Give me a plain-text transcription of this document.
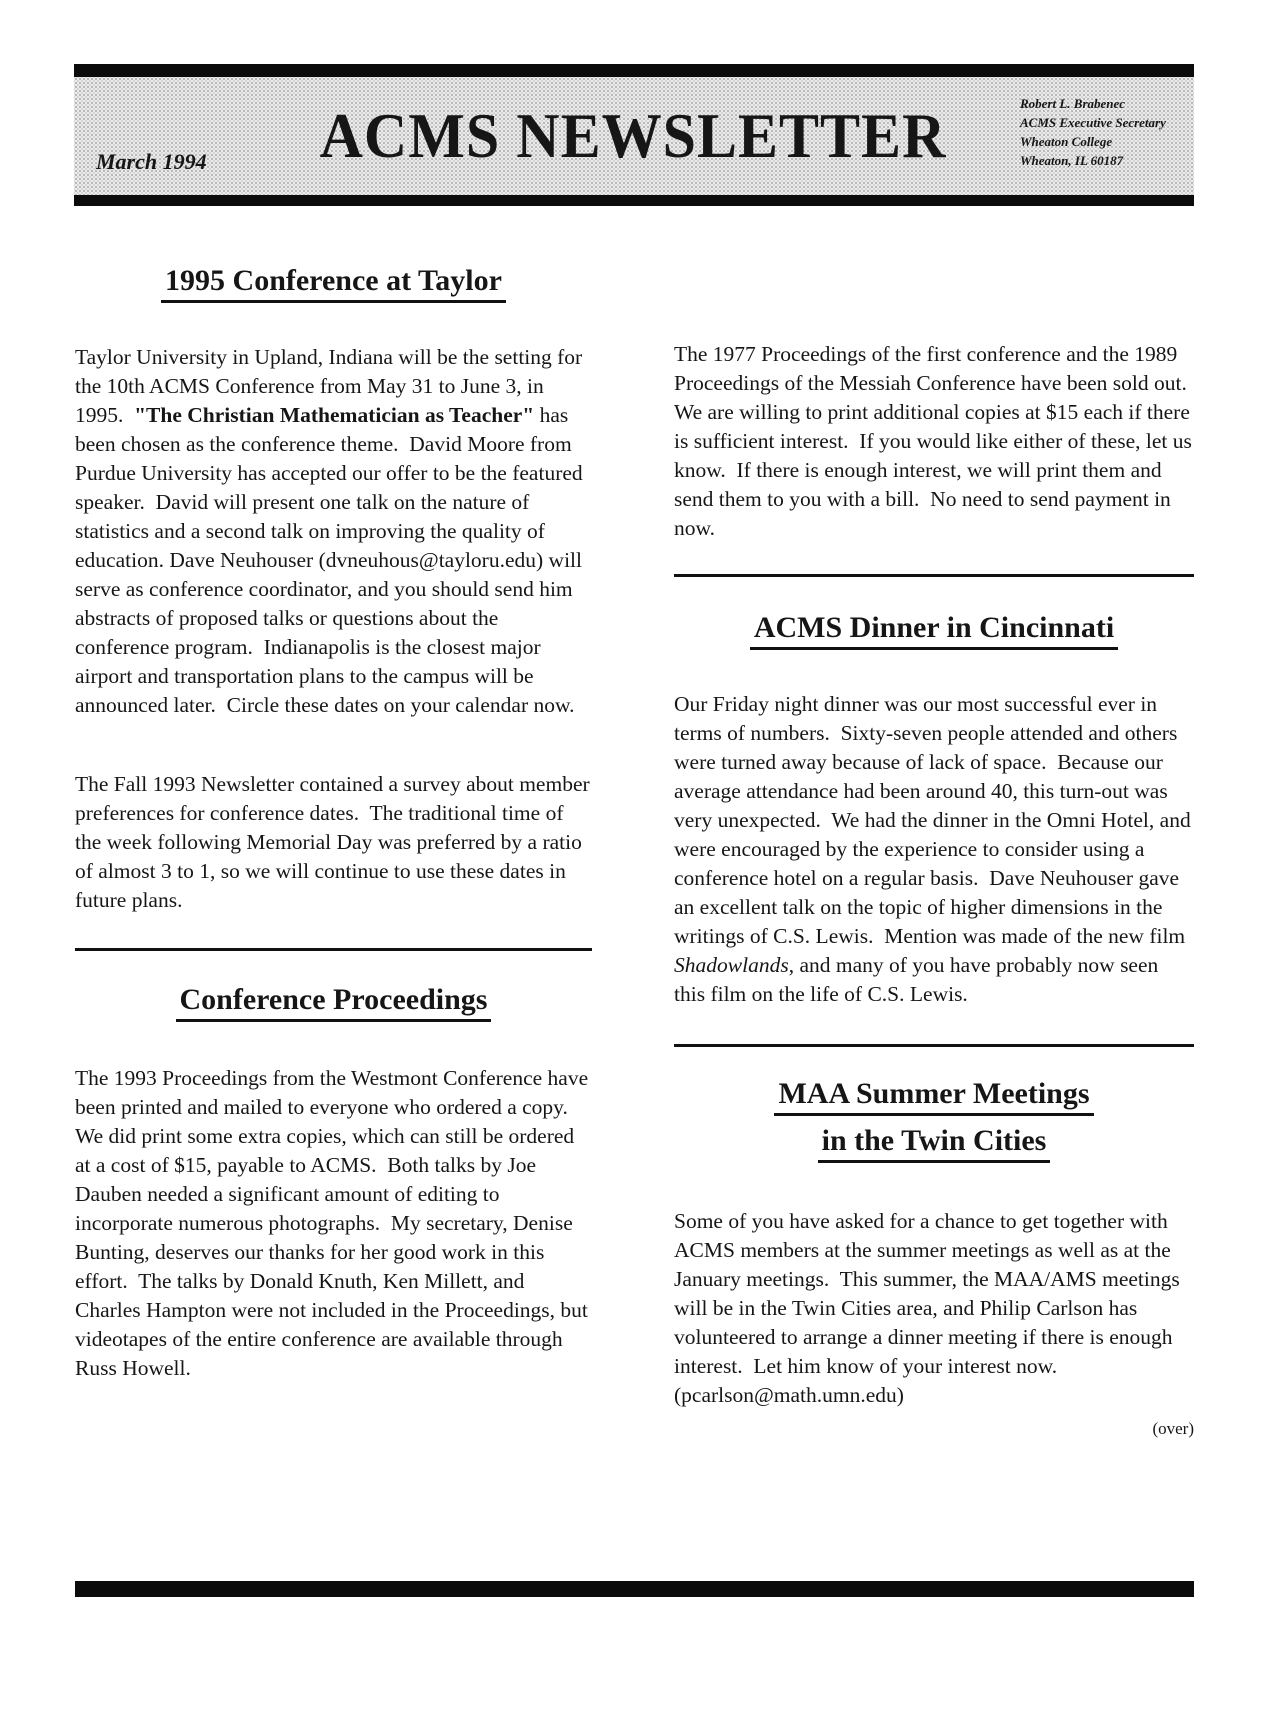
March 1994	ACMS NEWSLETTER	Robert L. Brabenec
ACMS Executive Secretary
Wheaton College
Wheaton, IL 60187
1995 Conference at Taylor

Taylor University in Upland, Indiana will be the setting for the 10th ACMS Conference from May 31 to June 3, in 1995.  "The Christian Mathematician as Teacher" has been chosen as the conference theme.  David Moore from Purdue University has accepted our offer to be the featured speaker.  David will present one talk on the nature of statistics and a second talk on improving the quality of education. Dave Neuhouser (dvneuhous@tayloru.edu) will serve as conference coordinator, and you should send him abstracts of proposed talks or questions about the conference program.  Indianapolis is the closest major airport and transportation plans to the campus will be announced later.  Circle these dates on your calendar now.

The Fall 1993 Newsletter contained a survey about member preferences for conference dates.  The traditional time of the week following Memorial Day was preferred by a ratio of almost 3 to 1, so we will continue to use these dates in future plans.

Conference Proceedings

The 1993 Proceedings from the Westmont Conference have been printed and mailed to everyone who ordered a copy.  We did print some extra copies, which can still be ordered at a cost of $15, payable to ACMS.  Both talks by Joe Dauben needed a significant amount of editing to incorporate numerous photographs.  My secretary, Denise Bunting, deserves our thanks for her good work in this effort.  The talks by Donald Knuth, Ken Millett, and Charles Hampton were not included in the Proceedings, but videotapes of the entire conference are available through Russ Howell.

The 1977 Proceedings of the first conference and the 1989 Proceedings of the Messiah Conference have been sold out.  We are willing to print additional copies at $15 each if there is sufficient interest.  If you would like either of these, let us know.  If there is enough interest, we will print them and send them to you with a bill.  No need to send payment in now.

ACMS Dinner in Cincinnati

Our Friday night dinner was our most successful ever in terms of numbers.  Sixty-seven people attended and others were turned away because of lack of space.  Because our average attendance had been around 40, this turn-out was very unexpected.  We had the dinner in the Omni Hotel, and were encouraged by the experience to consider using a conference hotel on a regular basis.  Dave Neuhouser gave an excellent talk on the topic of higher dimensions in the writings of C.S. Lewis.  Mention was made of the new film Shadowlands, and many of you have probably now seen this film on the life of C.S. Lewis.

MAA Summer Meetings
in the Twin Cities

Some of you have asked for a chance to get together with ACMS members at the summer meetings as well as at the January meetings.  This summer, the MAA/AMS meetings will be in the Twin Cities area, and Philip Carlson has volunteered to arrange a dinner meeting if there is enough interest.  Let him know of your interest now.  (pcarlson@math.umn.edu)

(over)
